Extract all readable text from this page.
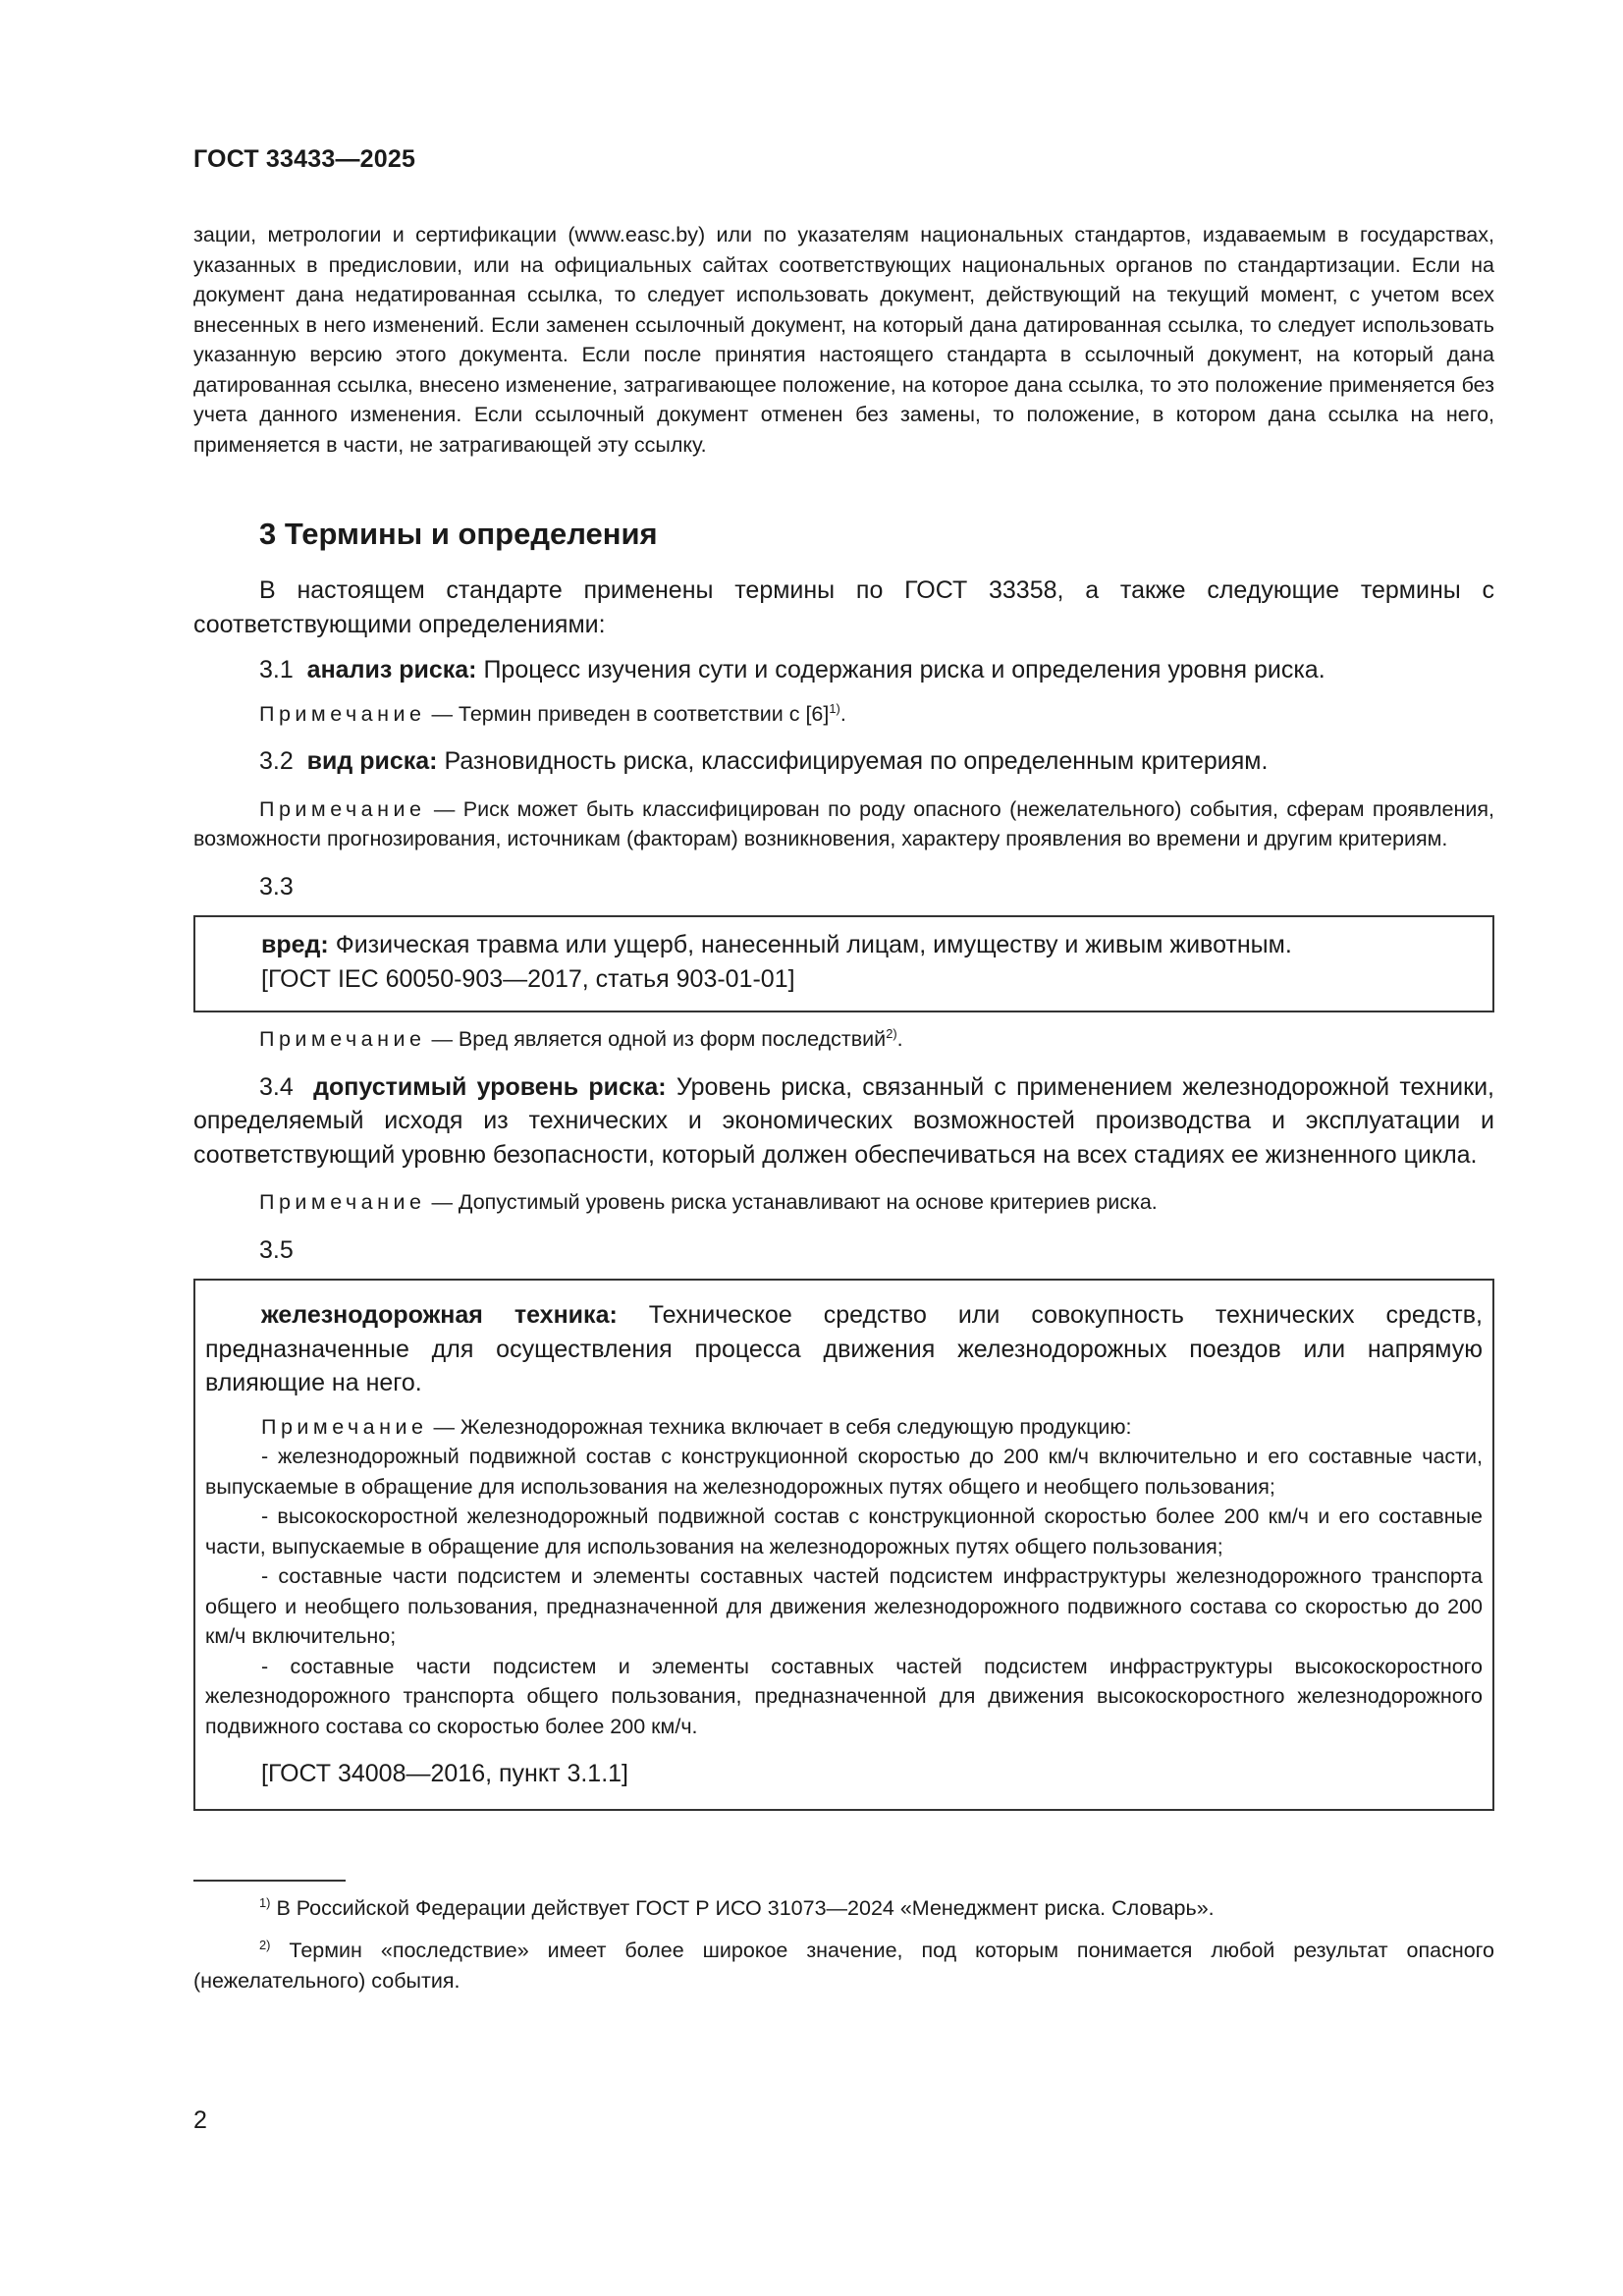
ГОСТ 33433—2025

зации, метрологии и сертификации (www.easc.by) или по указателям национальных стандартов, издаваемым в государствах, указанных в предисловии, или на официальных сайтах соответствующих национальных органов по стандартизации. Если на документ дана недатированная ссылка, то следует использовать документ, действующий на текущий момент, с учетом всех внесенных в него изменений. Если заменен ссылочный документ, на который дана датированная ссылка, то следует использовать указанную версию этого документа. Если после принятия настоящего стандарта в ссылочный документ, на который дана датированная ссылка, внесено изменение, затрагивающее положение, на которое дана ссылка, то это положение применяется без учета данного изменения. Если ссылочный документ отменен без замены, то положение, в котором дана ссылка на него, применяется в части, не затрагивающей эту ссылку.

3 Термины и определения

В настоящем стандарте применены термины по ГОСТ 33358, а также следующие термины с соответствующими определениями:

3.1 анализ риска: Процесс изучения сути и содержания риска и определения уровня риска.

Примечание — Термин приведен в соответствии с $[6]^{1)}$.

3.2 вид риска: Разновидность риска, классифицируемая по определенным критериям.

Примечание — Риск может быть классифицирован по роду опасного (нежелательного) события, сферам проявления, возможности прогнозирования, источникам (факторам) возникновения, характеру проявления во времени и другим критериям.

3.3

вред: Физическая травма или ущерб, нанесенный лицам, имуществу и живым животным.

[ГОСТ IEC 60050-903—2017, статья 903-01-01]

Примечание — Вред является одной из форм последствий$^{2)}$.

3.4 допустимый уровень риска: Уровень риска, связанный с применением железнодорожной техники, определяемый исходя из технических и экономических возможностей производства и эксплуатации и соответствующий уровню безопасности, который должен обеспечиваться на всех стадиях ее жизненного цикла.

Примечание — Допустимый уровень риска устанавливают на основе критериев риска.

3.5

железнодорожная техника: Техническое средство или совокупность технических средств, предназначенные для осуществления процесса движения железнодорожных поездов или напрямую влияющие на него.

Примечание — Железнодорожная техника включает в себя следующую продукцию:

- железнодорожный подвижной состав с конструкционной скоростью до 200 км/ч включительно и его составные части, выпускаемые в обращение для использования на железнодорожных путях общего и необщего пользования;

- высокоскоростной железнодорожный подвижной состав с конструкционной скоростью более 200 км/ч и его составные части, выпускаемые в обращение для использования на железнодорожных путях общего пользования;

- составные части подсистем и элементы составных частей подсистем инфраструктуры железнодорожного транспорта общего и необщего пользования, предназначенной для движения железнодорожного подвижного состава со скоростью до 200 км/ч включительно;

- составные части подсистем и элементы составных частей подсистем инфраструктуры высокоскоростного железнодорожного транспорта общего пользования, предназначенной для движения высокоскоростного железнодорожного подвижного состава со скоростью более 200 км/ч.

[ГОСТ 34008—2016, пункт 3.1.1]

$^{1)}$ В Российской Федерации действует ГОСТ Р ИСО 31073—2024 «Менеджмент риска. Словарь».

$^{2)}$ Термин «последствие» имеет более широкое значение, под которым понимается любой результат опасного (нежелательного) события.

2
